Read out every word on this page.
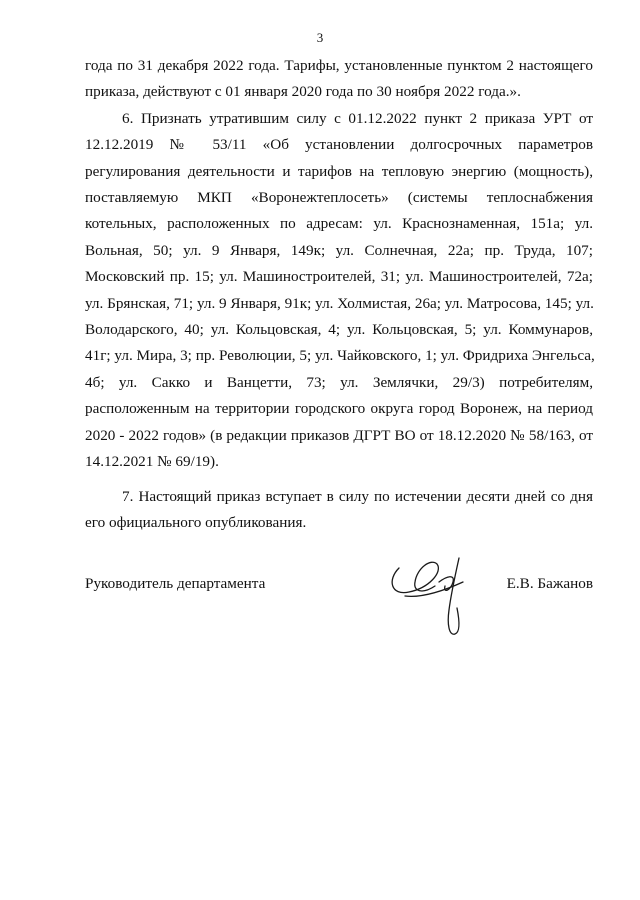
3
года по 31 декабря 2022 года. Тарифы, установленные пунктом 2 настоящего
приказа, действуют с 01 января 2020 года по 30 ноября 2022 года.».
6. Признать утратившим силу с 01.12.2022 пункт 2 приказа УРТ от
12.12.2019 № 53/11 «Об установлении долгосрочных параметров
регулирования деятельности и тарифов на тепловую энергию (мощность),
поставляемую МКП «Воронежтеплосеть» (системы теплоснабжения
котельных, расположенных по адресам: ул. Краснознаменная, 151а; ул.
Вольная, 50; ул. 9 Января, 149к; ул. Солнечная, 22а; пр. Труда, 107;
Московский пр. 15; ул. Машиностроителей, 31; ул. Машиностроителей, 72а;
ул. Брянская, 71; ул. 9 Января, 91к; ул. Холмистая, 26а; ул. Матросова, 145; ул.
Володарского, 40; ул. Кольцовская, 4; ул. Кольцовская, 5; ул. Коммунаров,
41г; ул. Мира, 3; пр. Революции, 5; ул. Чайковского, 1; ул. Фридриха Энгельса,
4б; ул. Сакко и Ванцетти, 73; ул. Землячки, 29/3) потребителям,
расположенным на территории городского округа город Воронеж, на период
2020 - 2022 годов» (в редакции приказов ДГРТ ВО от 18.12.2020 № 58/163, от
14.12.2021 № 69/19).
7. Настоящий приказ вступает в силу по истечении десяти дней со дня
его официального опубликования.
Руководитель департамента	Е.В. Бажанов
